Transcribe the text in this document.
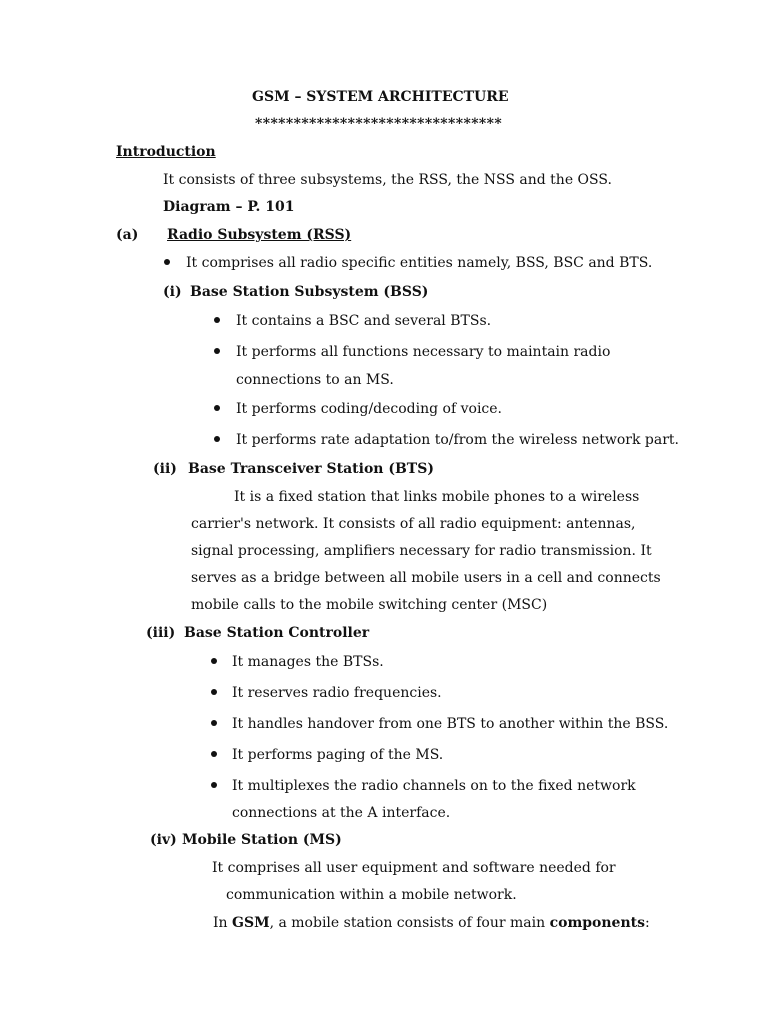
GSM – SYSTEM ARCHITECTURE
********************************
Introduction
It consists of three subsystems, the RSS, the NSS and the OSS.
Diagram – P. 101
(a) Radio Subsystem (RSS)
It comprises all radio specific entities namely, BSS, BSC and BTS.
(i) Base Station Subsystem (BSS)
It contains a BSC and several BTSs.
It performs all functions necessary to maintain radio
connections to an MS.
It performs coding/decoding of voice.
It performs rate adaptation to/from the wireless network part.
(ii) Base Transceiver Station (BTS)
It is a fixed station that links mobile phones to a wireless
carrier's network. It consists of all radio equipment: antennas,
signal processing, amplifiers necessary for radio transmission. It
serves as a bridge between all mobile users in a cell and connects
mobile calls to the mobile switching center (MSC)
(iii) Base Station Controller
It manages the BTSs.
It reserves radio frequencies.
It handles handover from one BTS to another within the BSS.
It performs paging of the MS.
It multiplexes the radio channels on to the fixed network
connections at the A interface.
(iv) Mobile Station (MS)
It comprises all user equipment and software needed for
communication within a mobile network.
In GSM, a mobile station consists of four main components:
